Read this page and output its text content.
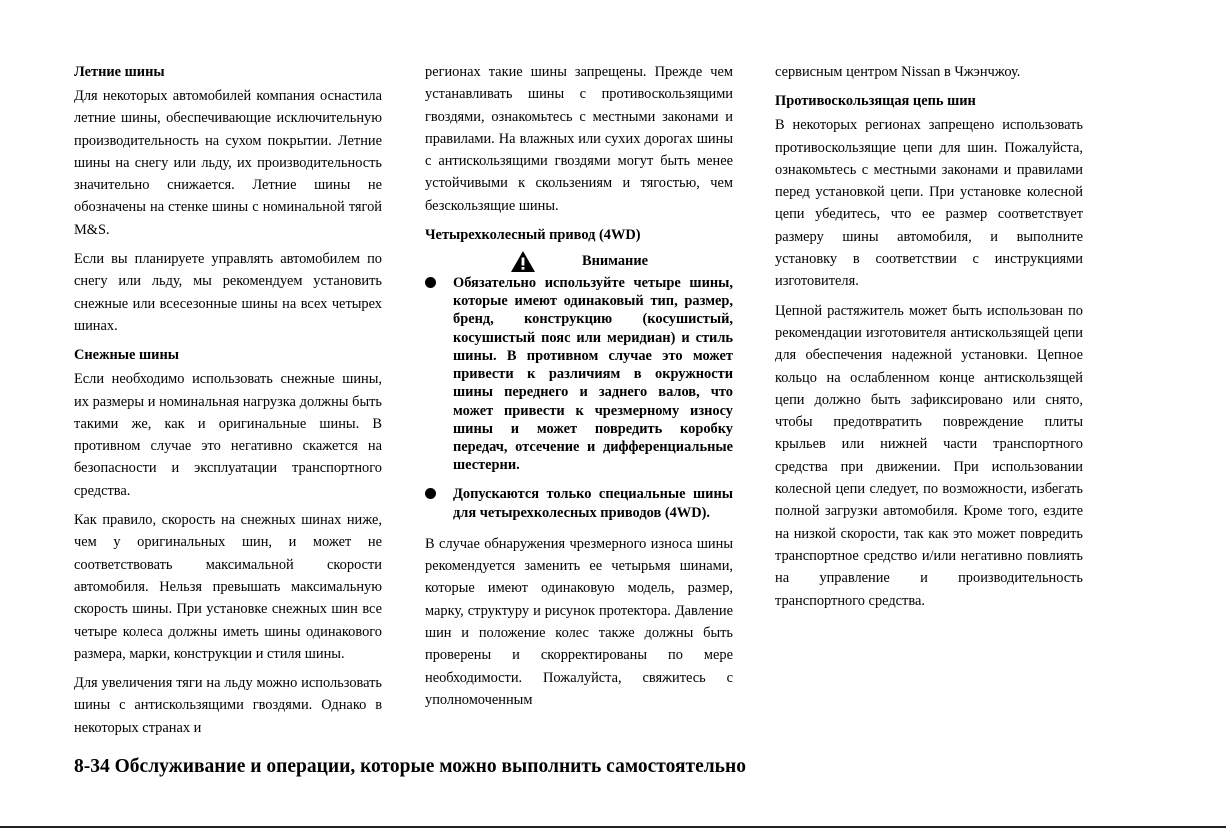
Летние шины

Для некоторых автомобилей компания оснастила летние шины, обеспечивающие исключительную производительность на сухом покрытии. Летние шины на снегу или льду, их производительность значительно снижается. Летние шины не обозначены на стенке шины с номинальной тягой M&S.

Если вы планируете управлять автомобилем по снегу или льду, мы рекомендуем установить снежные или всесезонные шины на всех четырех шинах.

Снежные шины

Если необходимо использовать снежные шины, их размеры и номинальная нагрузка должны быть такими же, как и оригинальные шины. В противном случае это негативно скажется на безопасности и эксплуатации транспортного средства.

Как правило, скорость на снежных шинах ниже, чем у оригинальных шин, и может не соответствовать максимальной скорости автомобиля. Нельзя превышать максимальную скорость шины. При установке снежных шин все четыре колеса должны иметь шины одинакового размера, марки, конструкции и стиля шины.

Для увеличения тяги на льду можно использовать шины с антискользящими гвоздями. Однако в некоторых странах и

регионах такие шины запрещены. Прежде чем устанавливать шины с противоскользящими гвоздями, ознакомьтесь с местными законами и правилами. На влажных или сухих дорогах шины с антискользящими гвоздями могут быть менее устойчивыми к скользениям и тягостью, чем безскользящие шины.

Четырехколесный привод (4WD)
Внимание
Обязательно используйте четыре шины, которые имеют одинаковый тип, размер, бренд, конструкцию (косушистый, косушистый пояс или меридиан) и стиль шины. В противном случае это может привести к различиям в окружности шины переднего и заднего валов, что может привести к чрезмерному износу шины и может повредить коробку передач, отсечение и дифференциальные шестерни.
Допускаются только специальные шины для четырехколесных приводов (4WD).

В случае обнаружения чрезмерного износа шины рекомендуется заменить ее четырьмя шинами, которые имеют одинаковую модель, размер, марку, структуру и рисунок протектора. Давление шин и положение колес также должны быть проверены и скорректированы по мере необходимости. Пожалуйста, свяжитесь с уполномоченным

сервисным центром Nissan в Чжэнчжоу.

Противоскользящая цепь шин

В некоторых регионах запрещено использовать противоскользящие цепи для шин. Пожалуйста, ознакомьтесь с местными законами и правилами перед установкой цепи. При установке колесной цепи убедитесь, что ее размер соответствует размеру шины автомобиля, и выполните установку в соответствии с инструкциями изготовителя.

Цепной растяжитель может быть использован по рекомендации изготовителя антискользящей цепи для обеспечения надежной установки. Цепное кольцо на ослабленном конце антискользящей цепи должно быть зафиксировано или снято, чтобы предотвратить повреждение плиты крыльев или нижней части транспортного средства при движении. При использовании колесной цепи следует, по возможности, избегать полной загрузки автомобиля. Кроме того, ездите на низкой скорости, так как это может повредить транспортное средство и/или негативно повлиять на управление и производительность транспортного средства.

8-34 Обслуживание и операции, которые можно выполнить самостоятельно
